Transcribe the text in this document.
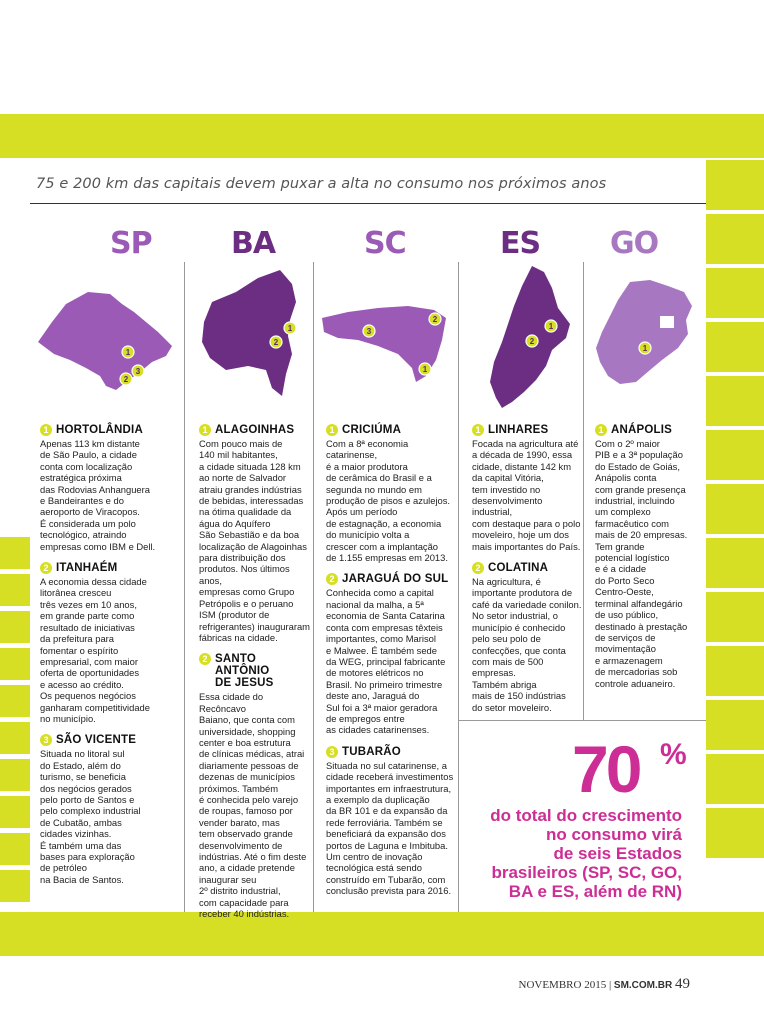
75 e 200 km das capitais devem puxar a alta no consumo nos próximos anos
SP	BA	SC	ES GO
1
2
3
1
2
2
3
1
1
2
1
1 HORTOLÂNDIA
Apenas 113 km distante
de São Paulo, a cidade
conta com localização
estratégica próxima
das Rodovias Anhanguera
e Bandeirantes e do
aeroporto de Viracopos.
É considerada um polo
tecnológico, atraindo
empresas como IBM e Dell.
2 ITANHAÉM
A economia dessa cidade
litorânea cresceu
três vezes em 10 anos,
em grande parte como
resultado de iniciativas
da prefeitura para
fomentar o espírito
empresarial, com maior
oferta de oportunidades
e acesso ao crédito.
Os pequenos negócios
ganharam competitividade
no município.
3 SÃO VICENTE
Situada no litoral sul
do Estado, além do
turismo, se beneficia
dos negócios gerados
pelo porto de Santos e
pelo complexo industrial
de Cubatão, ambas
cidades vizinhas.
É também uma das
bases para exploração
de petróleo
na Bacia de Santos.
1 ALAGOINHAS
Com pouco mais de
140 mil habitantes,
a cidade situada 128 km
ao norte de Salvador
atraiu grandes indústrias
de bebidas, interessadas
na ótima qualidade da
água do Aquífero
São Sebastião e da boa
localização de Alagoinhas
para distribuição dos
produtos. Nos últimos anos,
empresas como Grupo
Petrópolis e o peruano
ISM (produtor de
refrigerantes) inauguraram
fábricas na cidade.
2 SANTO ANTÔNIO
DE JESUS
Essa cidade do Recôncavo
Baiano, que conta com
universidade, shopping
center e boa estrutura
de clínicas médicas, atrai
diariamente pessoas de
dezenas de municípios
próximos. Também
é conhecida pelo varejo
de roupas, famoso por
vender barato, mas
tem observado grande
desenvolvimento de
indústrias. Até o fim deste
ano, a cidade pretende
inaugurar seu
2º distrito industrial,
com capacidade para
receber 40 indústrias.
1 CRICIÚMA
Com a 8ª economia catarinense,
é a maior produtora
de cerâmica do Brasil e a
segunda no mundo em
produção de pisos e azulejos.
Após um período
de estagnação, a economia
do município volta a
crescer com a implantação
de 1.155 empresas em 2013.
2 JARAGUÁ DO SUL
Conhecida como a capital
nacional da malha, a 5ª
economia de Santa Catarina
conta com empresas têxteis
importantes, como Marisol
e Malwee. É também sede
da WEG, principal fabricante
de motores elétricos no
Brasil. No primeiro trimestre
deste ano, Jaraguá do
Sul foi a 3ª maior geradora
de empregos entre
as cidades catarinenses.
3 TUBARÃO
Situada no sul catarinense, a
cidade receberá investimentos
importantes em infraestrutura,
a exemplo da duplicação
da BR 101 e da expansão da
rede ferroviária. Também se
beneficiará da expansão dos
portos de Laguna e Imbituba.
Um centro de inovação
tecnológica está sendo
construído em Tubarão, com
conclusão prevista para 2016.
1 LINHARES
Focada na agricultura até
a década de 1990, essa
cidade, distante 142 km
da capital Vitória,
tem investido no
desenvolvimento industrial,
com destaque para o polo
moveleiro, hoje um dos
mais importantes do País.
2 COLATINA
Na agricultura, é
importante produtora de
café da variedade conilon.
No setor industrial, o
município é conhecido
pelo seu polo de
confecções, que conta
com mais de 500 empresas.
Também abriga
mais de 150 indústrias
do setor moveleiro.
1 ANÁPOLIS
Com o 2º maior
PIB e a 3ª população
do Estado de Goiás,
Anápolis conta
com grande presença
industrial, incluindo
um complexo
farmacêutico com
mais de 20 empresas.
Tem grande
potencial logístico
e é a cidade
do Porto Seco
Centro-Oeste,
terminal alfandegário
de uso público,
destinado à prestação
de serviços de
movimentação
e armazenagem
de mercadorias sob
controle aduaneiro.
70 %
do total do crescimento
no consumo virá
de seis Estados
brasileiros (SP, SC, GO,
BA e ES, além de RN)
NOVEMBRO 2015 | SM.COM.BR 49
